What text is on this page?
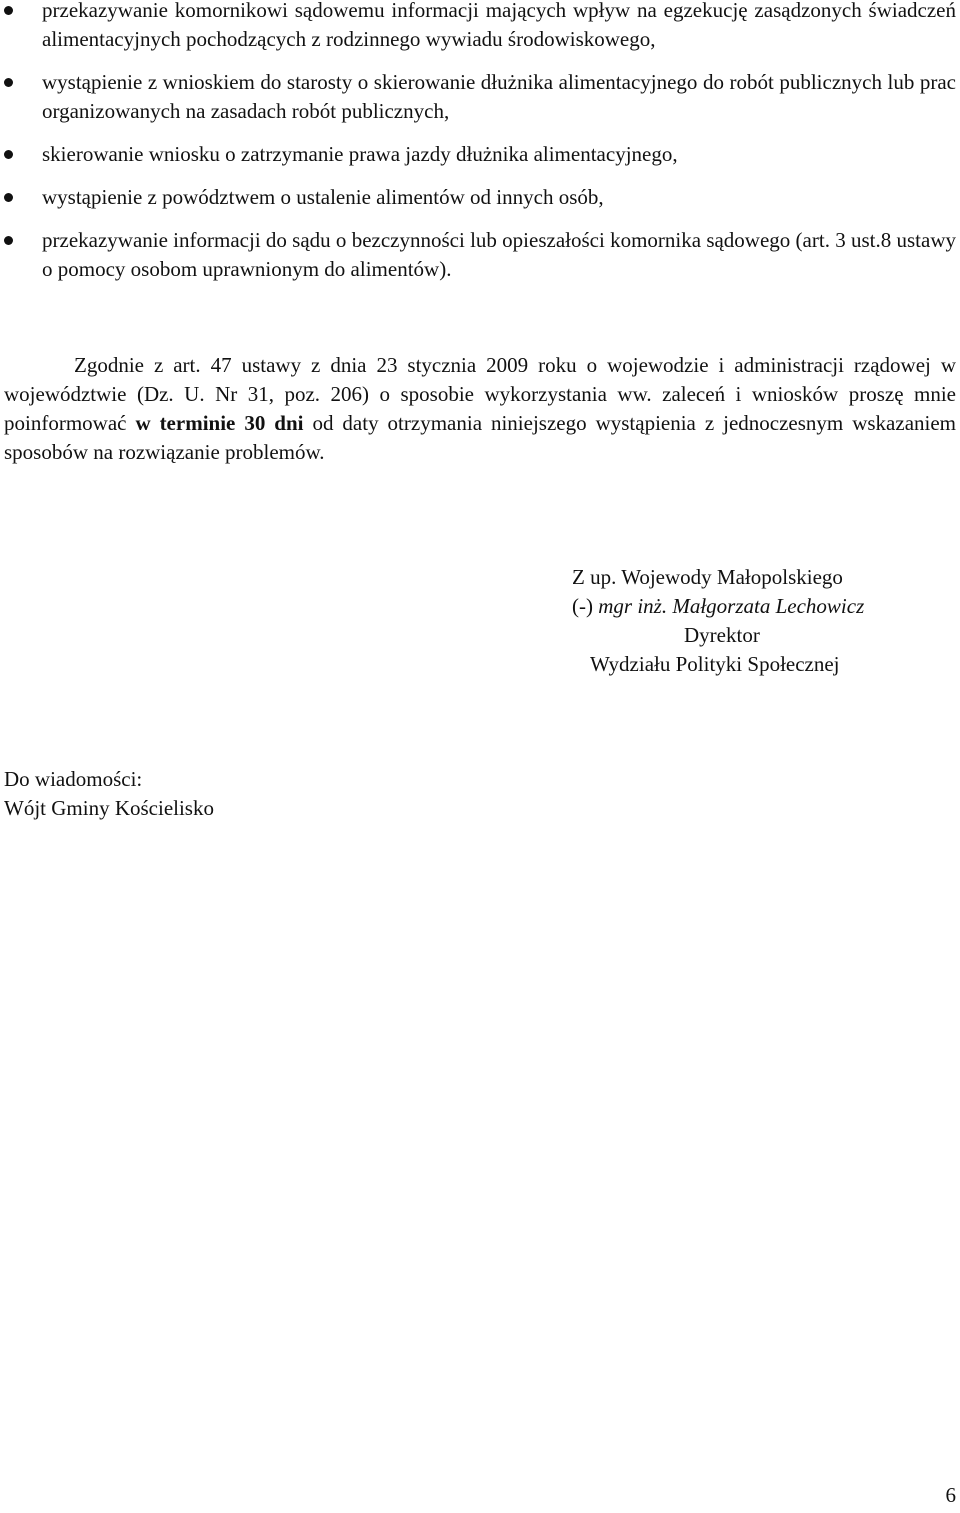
przekazywanie komornikowi sądowemu informacji mających wpływ na egzekucję zasądzonych świadczeń alimentacyjnych pochodzących z rodzinnego wywiadu środowiskowego,
wystąpienie z wnioskiem do starosty o skierowanie dłużnika alimentacyjnego do robót publicznych lub prac organizowanych na zasadach robót publicznych,
skierowanie wniosku o zatrzymanie prawa jazdy dłużnika alimentacyjnego,
wystąpienie z powództwem o ustalenie alimentów od innych osób,
przekazywanie informacji do sądu o bezczynności lub opieszałości komornika sądowego (art. 3 ust.8 ustawy o pomocy osobom uprawnionym do alimentów).

Zgodnie z art. 47 ustawy z dnia 23 stycznia 2009 roku o wojewodzie i administracji rządowej w województwie (Dz. U. Nr 31, poz. 206) o sposobie wykorzystania ww. zaleceń i wniosków proszę mnie poinformować w terminie 30 dni od daty otrzymania niniejszego wystąpienia z jednoczesnym wskazaniem sposobów na rozwiązanie problemów.

Z up. Wojewody Małopolskiego
(-) mgr inż. Małgorzata Lechowicz
Dyrektor
Wydziału Polityki Społecznej
Do wiadomości:
Wójt Gminy Kościelisko
6
